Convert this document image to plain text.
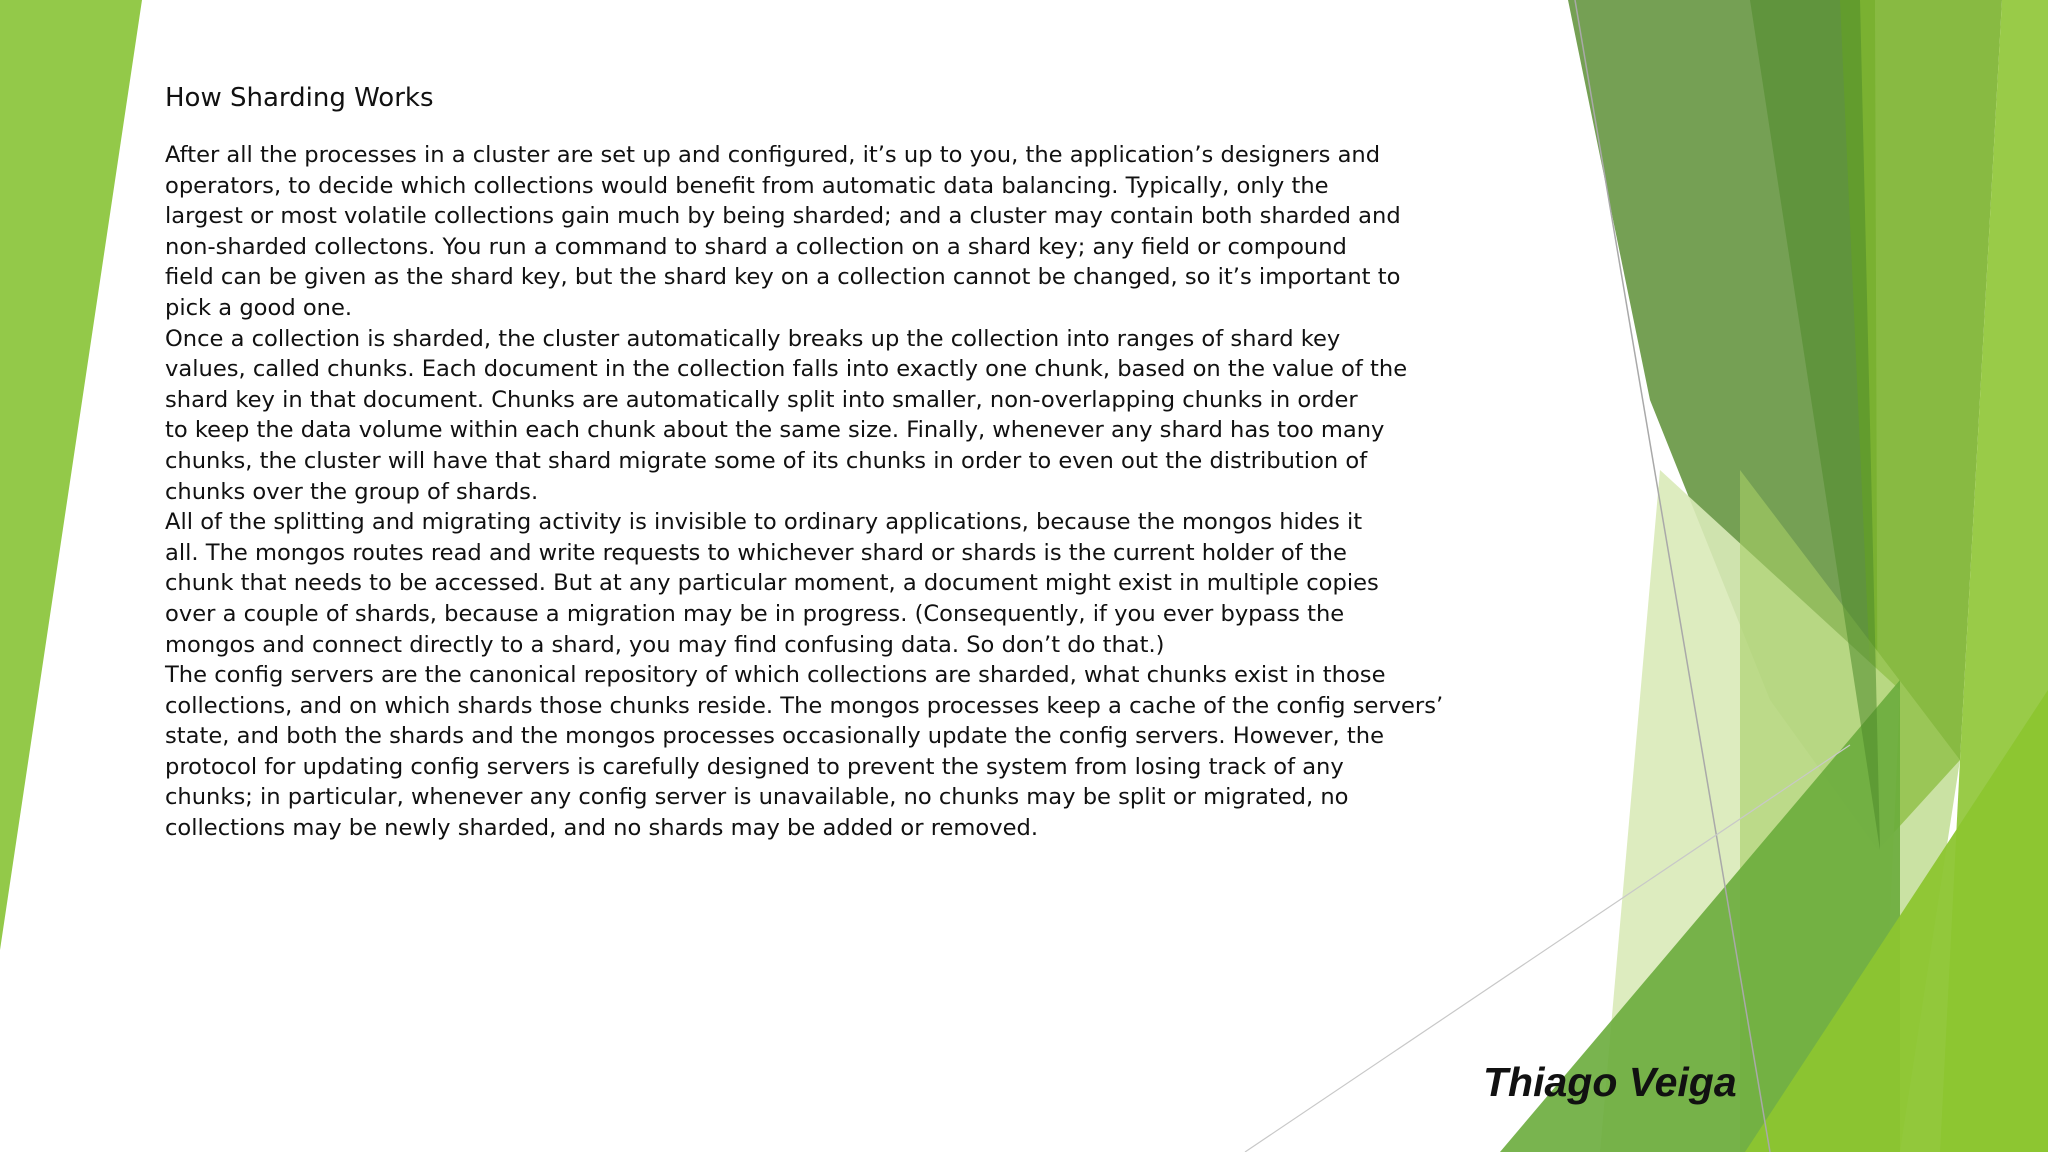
How Sharding Works
After all the processes in a cluster are set up and configured, it’s up to you, the application’s designers and
operators, to decide which collections would benefit from automatic data balancing. Typically, only the
largest or most volatile collections gain much by being sharded; and a cluster may contain both sharded and
non-sharded collectons. You run a command to shard a collection on a shard key; any field or compound
field can be given as the shard key, but the shard key on a collection cannot be changed, so it’s important to
pick a good one.
Once a collection is sharded, the cluster automatically breaks up the collection into ranges of shard key
values, called chunks. Each document in the collection falls into exactly one chunk, based on the value of the
shard key in that document. Chunks are automatically split into smaller, non-overlapping chunks in order
to keep the data volume within each chunk about the same size. Finally, whenever any shard has too many
chunks, the cluster will have that shard migrate some of its chunks in order to even out the distribution of
chunks over the group of shards.
All of the splitting and migrating activity is invisible to ordinary applications, because the mongos hides it
all. The mongos routes read and write requests to whichever shard or shards is the current holder of the
chunk that needs to be accessed. But at any particular moment, a document might exist in multiple copies
over a couple of shards, because a migration may be in progress. (Consequently, if you ever bypass the
mongos and connect directly to a shard, you may find confusing data. So don’t do that.)
The config servers are the canonical repository of which collections are sharded, what chunks exist in those
collections, and on which shards those chunks reside. The mongos processes keep a cache of the config servers’
state, and both the shards and the mongos processes occasionally update the config servers. However, the
protocol for updating config servers is carefully designed to prevent the system from losing track of any
chunks; in particular, whenever any config server is unavailable, no chunks may be split or migrated, no
collections may be newly sharded, and no shards may be added or removed.
Thiago Veiga
